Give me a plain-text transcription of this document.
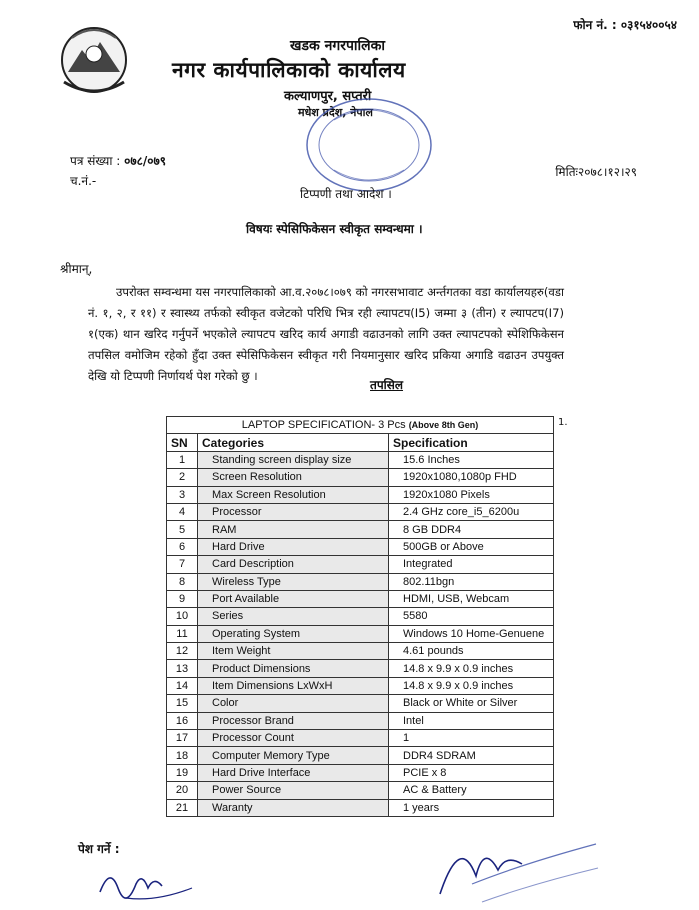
फोन नं. : ०३१५४००५४
खडक नगरपालिका
नगर कार्यपालिकाको कार्यालय
कल्याणपुर, सप्तरी
मधेश प्रदेश, नेपाल
पत्र संख्या : ०७८/०७९
च.नं.-
मितिः२०७८।१२।२९
टिप्पणी तथा आदेश ।
विषयः स्पेसिफिकेसन स्वीकृत सम्वन्धमा ।
श्रीमान्,
उपरोक्त सम्वन्धमा यस नगरपालिकाको आ.व.२०७८।०७९ को नगरसभावाट अर्न्तगतका वडा कार्यालयहरु(वडा नं. १, २, र ११) र स्वास्थ्य तर्फको स्वीकृत वजेटको परिधि भित्र रही ल्यापटप(I5) जम्मा ३ (तीन) र ल्यापटप(I7) १(एक) थान खरिद गर्नुपर्ने भएकोले ल्यापटप खरिद कार्य अगाडी वढाउनको लागि उक्त ल्यापटपको स्पेशिफिकेसन तपसिल वमोजिम रहेको हुँदा उक्त स्पेसिफिकेसन स्वीकृत गरी नियमानुसार खरिद प्रकिया अगाडि वढाउन उपयुक्त देखि यो टिप्पणी निर्णायर्थ पेश गरेको छु ।
तपसिल
LAPTOP SPECIFICATION- 3 Pcs (Above 8th Gen)		
SN	Categories	Specification
1	Standing screen display size	15.6 Inches
2	Screen Resolution	1920x1080,1080p FHD
3	Max Screen Resolution	1920x1080 Pixels
4	Processor	2.4 GHz core_i5_6200u
5	RAM	8 GB DDR4
6	Hard Drive	500GB or Above
7	Card Description	Integrated
8	Wireless Type	802.11bgn
9	Port Available	HDMI, USB, Webcam
10	Series	5580
11	Operating System	Windows 10 Home-Genuene
12	Item Weight	4.61 pounds
13	Product Dimensions	14.8 x 9.9 x 0.9 inches
14	Item Dimensions LxWxH	14.8 x 9.9 x 0.9 inches
15	Color	Black or White or Silver
16	Processor Brand	Intel
17	Processor Count	1
18	Computer Memory Type	DDR4 SDRAM
19	Hard Drive Interface	PCIE x 8
20	Power Source	AC & Battery
21	Waranty	1 years
1.
पेश गर्ने :
